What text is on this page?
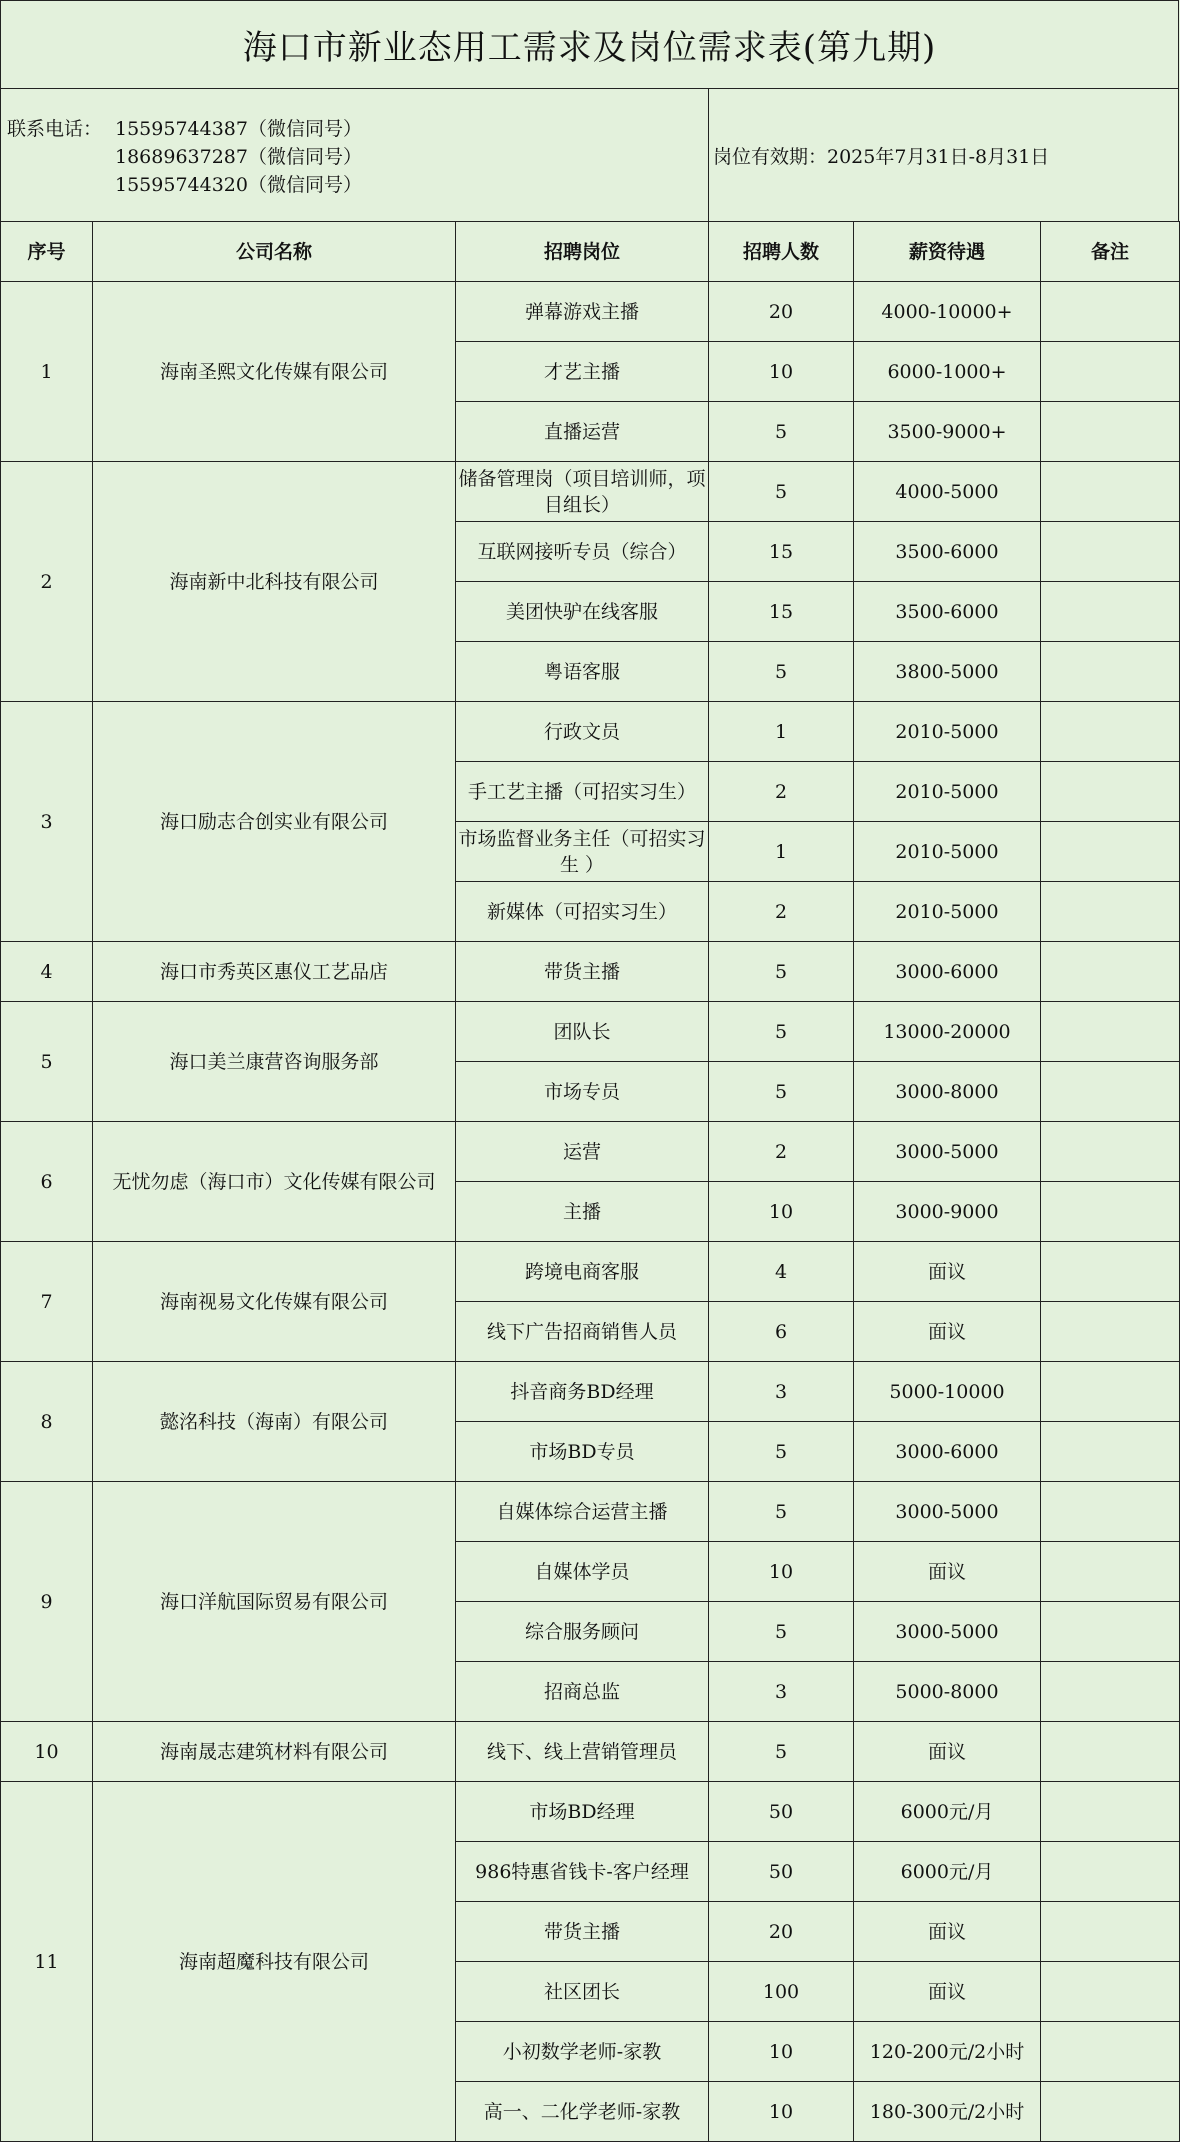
海口市新业态用工需求及岗位需求表(第九期)
联系电话： 15595744387（微信同号）
18689637287（微信同号）
15595744320（微信同号）
岗位有效期：2025年7月31日-8月31日
序号	公司名称	招聘岗位	招聘人数	薪资待遇	备注
1	海南圣熙文化传媒有限公司	弹幕游戏主播	20	4000-10000+	
		才艺主播	10	6000-1000+	
		直播运营	5	3500-9000+	
2	海南新中北科技有限公司	储备管理岗（项目培训师，项目组长）	5	4000-5000	
		互联网接听专员（综合）	15	3500-6000	
		美团快驴在线客服	15	3500-6000	
		粤语客服	5	3800-5000	
3	海口励志合创实业有限公司	行政文员	1	2010-5000	
		手工艺主播（可招实习生）	2	2010-5000	
		市场监督业务主任（可招实习生 ）	1	2010-5000	
		新媒体（可招实习生）	2	2010-5000	
4	海口市秀英区惠仪工艺品店	带货主播	5	3000-6000	
5	海口美兰康营咨询服务部	团队长	5	13000-20000	
		市场专员	5	3000-8000	
6	无忧勿虑（海口市）文化传媒有限公司	运营	2	3000-5000	
		主播	10	3000-9000	
7	海南视易文化传媒有限公司	跨境电商客服	4	面议	
		线下广告招商销售人员	6	面议	
8	懿洺科技（海南）有限公司	抖音商务BD经理	3	5000-10000	
		市场BD专员	5	3000-6000	
9	海口洋航国际贸易有限公司	自媒体综合运营主播	5	3000-5000	
		自媒体学员	10	面议	
		综合服务顾问	5	3000-5000	
		招商总监	3	5000-8000	
10	海南晟志建筑材料有限公司	线下、线上营销管理员	5	面议	
11	海南超魔科技有限公司	市场BD经理	50	6000元/月	
		986特惠省钱卡-客户经理	50	6000元/月	
		带货主播	20	面议	
		社区团长	100	面议	
		小初数学老师-家教	10	120-200元/2小时	
		高一、二化学老师-家教	10	180-300元/2小时	
